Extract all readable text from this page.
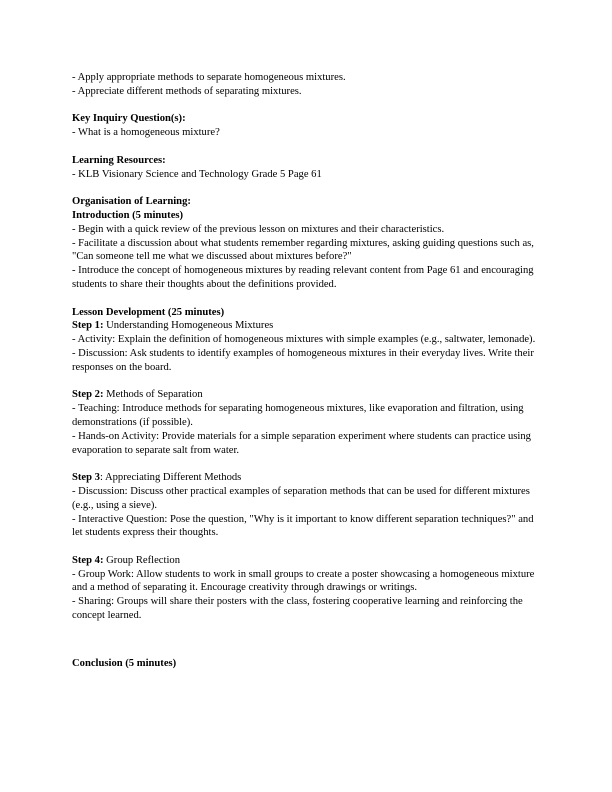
- Apply appropriate methods to separate homogeneous mixtures.
- Appreciate different methods of separating mixtures.
Key Inquiry Question(s):
- What is a homogeneous mixture?
Learning Resources:
- KLB Visionary Science and Technology Grade 5 Page 61
Organisation of Learning:
Introduction (5 minutes)
- Begin with a quick review of the previous lesson on mixtures and their characteristics.
- Facilitate a discussion about what students remember regarding mixtures, asking guiding questions such as, "Can someone tell me what we discussed about mixtures before?"
- Introduce the concept of homogeneous mixtures by reading relevant content from Page 61 and encouraging students to share their thoughts about the definitions provided.
Lesson Development (25 minutes)
Step 1: Understanding Homogeneous Mixtures
- Activity: Explain the definition of homogeneous mixtures with simple examples (e.g., saltwater, lemonade).
- Discussion: Ask students to identify examples of homogeneous mixtures in their everyday lives. Write their responses on the board.
Step 2: Methods of Separation
- Teaching: Introduce methods for separating homogeneous mixtures, like evaporation and filtration, using demonstrations (if possible).
- Hands-on Activity: Provide materials for a simple separation experiment where students can practice using evaporation to separate salt from water.
Step 3: Appreciating Different Methods
- Discussion: Discuss other practical examples of separation methods that can be used for different mixtures (e.g., using a sieve).
- Interactive Question: Pose the question, "Why is it important to know different separation techniques?" and let students express their thoughts.
Step 4: Group Reflection
- Group Work: Allow students to work in small groups to create a poster showcasing a homogeneous mixture and a method of separating it. Encourage creativity through drawings or writings.
- Sharing: Groups will share their posters with the class, fostering cooperative learning and reinforcing the concept learned.
Conclusion (5 minutes)
